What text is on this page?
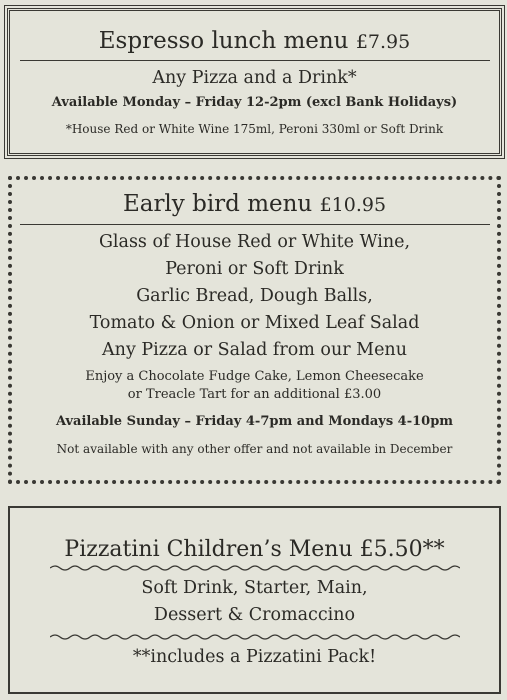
Espresso lunch menu £7.95
Any Pizza and a Drink*
Available Monday – Friday 12-2pm (excl Bank Holidays)
*House Red or White Wine 175ml, Peroni 330ml or Soft Drink
Early bird menu £10.95
Glass of House Red or White Wine,
Peroni or Soft Drink
Garlic Bread, Dough Balls,
Tomato & Onion or Mixed Leaf Salad
Any Pizza or Salad from our Menu
Enjoy a Chocolate Fudge Cake, Lemon Cheesecake
or Treacle Tart for an additional £3.00
Available Sunday – Friday 4-7pm and Mondays 4-10pm
Not available with any other offer and not available in December
Pizzatini Children’s Menu £5.50**
Soft Drink, Starter, Main,
Dessert & Cromaccino
**includes a Pizzatini Pack!
